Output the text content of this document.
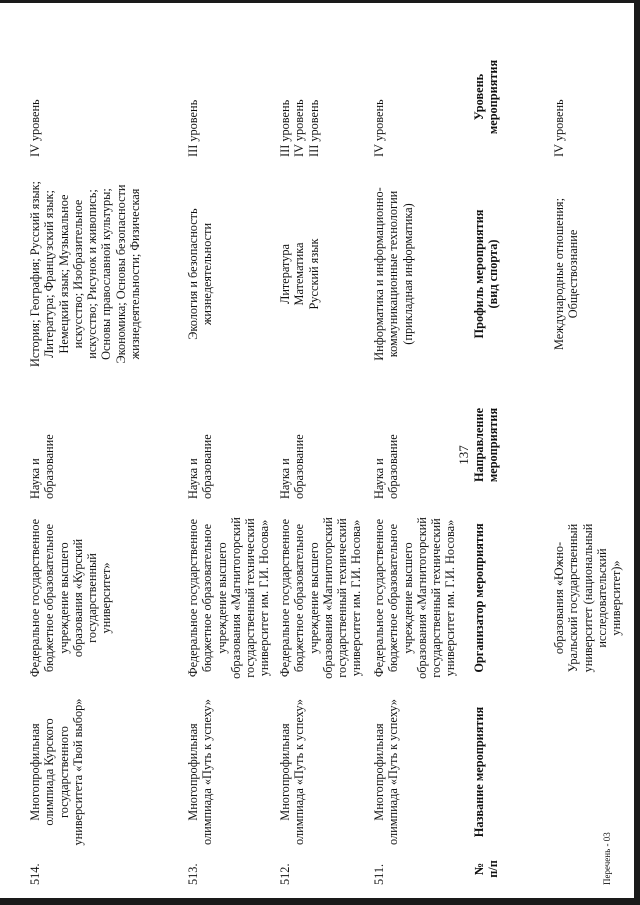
137
№ п/п
Название мероприятия
Организатор мероприятия
Направление мероприятия
Профиль мероприятия (вид спорта)
Уровень мероприятия
образования «Южно- Уральский государственный университет (национальный исследовательский университет)»
Международные отношения; Обществознание
IV уровень
511.
Многопрофильная олимпиада «Путь к успеху»
Федеральное государственное бюджетное образовательное учреждение высшего образования «Магнитогорский государственный технический университет им. Г.И. Носова»
Наука и образование
Информатика и информационно- коммуникационные технологии (прикладная информатика)
IV уровень
512.
Многопрофильная олимпиада «Путь к успеху»
Федеральное государственное бюджетное образовательное учреждение высшего образования «Магнитогорский государственный технический университет им. Г.И. Носова»
Наука и образование
Литература Математика Русский язык
III уровень IV уровень III уровень
513.
Многопрофильная олимпиада «Путь к успеху»
Федеральное государственное бюджетное образовательное учреждение высшего образования «Магнитогорский государственный технический университет им. Г.И. Носова»
Наука и образование
Экология и безопасность жизнедеятельности
III уровень
514.
Многопрофильная олимпиада Курского государственного университета «Твой выбор»
Федеральное государственное бюджетное образовательное учреждение высшего образования «Курский государственный университет»
Наука и образование
История; География; Русский язык; Литература; Французский язык; Немецкий язык; Музыкальное искусство; Изобразительное искусство; Рисунок и живопись; Основы православной культуры; Экономика; Основы безопасности жизнедеятельности; Физическая
IV уровень
Перечень - 03
